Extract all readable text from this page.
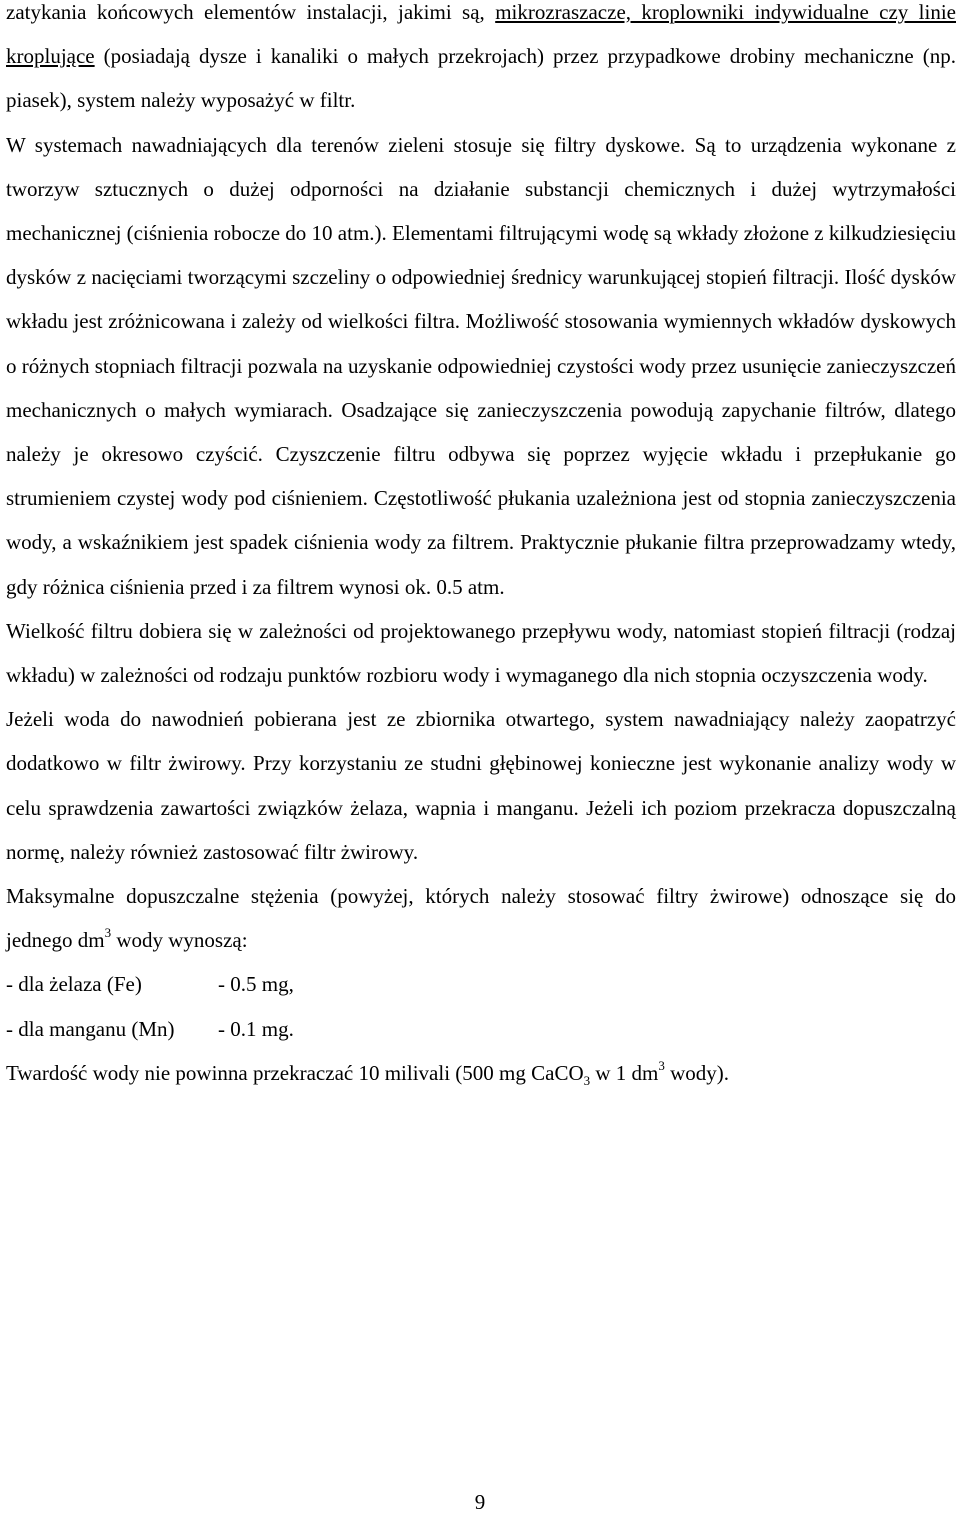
zatykania końcowych elementów instalacji, jakimi są, mikrozraszacze, kroplowniki indywidualne czy linie kroplujące (posiadają dysze i kanaliki o małych przekrojach) przez przypadkowe drobiny mechaniczne (np. piasek), system należy wyposażyć w filtr.

W systemach nawadniających dla terenów zieleni stosuje się filtry dyskowe. Są to urządzenia wykonane z tworzyw sztucznych o dużej odporności na działanie substancji chemicznych i dużej wytrzymałości mechanicznej (ciśnienia robocze do 10 atm.). Elementami filtrującymi wodę są wkłady złożone z kilkudziesięciu dysków z nacięciami tworzącymi szczeliny o odpowiedniej średnicy warunkującej stopień filtracji. Ilość dysków wkładu jest zróżnicowana i zależy od wielkości filtra. Możliwość stosowania wymiennych wkładów dyskowych o różnych stopniach filtracji pozwala na uzyskanie odpowiedniej czystości wody przez usunięcie zanieczyszczeń mechanicznych o małych wymiarach. Osadzające się zanieczyszczenia powodują zapychanie filtrów, dlatego należy je okresowo czyścić. Czyszczenie filtru odbywa się poprzez wyjęcie wkładu i przepłukanie go strumieniem czystej wody pod ciśnieniem. Częstotliwość płukania uzależniona jest od stopnia zanieczyszczenia wody, a wskaźnikiem jest spadek ciśnienia wody za filtrem. Praktycznie płukanie filtra przeprowadzamy wtedy, gdy różnica ciśnienia przed i za filtrem wynosi ok. 0.5 atm.

Wielkość filtru dobiera się w zależności od projektowanego przepływu wody, natomiast stopień filtracji (rodzaj wkładu) w zależności od rodzaju punktów rozbioru wody i wymaganego dla nich stopnia oczyszczenia wody.

Jeżeli woda do nawodnień pobierana jest ze zbiornika otwartego, system nawadniający należy zaopatrzyć dodatkowo w filtr żwirowy. Przy korzystaniu ze studni głębinowej konieczne jest wykonanie analizy wody w celu sprawdzenia zawartości związków żelaza, wapnia i manganu. Jeżeli ich poziom przekracza dopuszczalną normę, należy również zastosować filtr żwirowy.

Maksymalne dopuszczalne stężenia (powyżej, których należy stosować filtry żwirowe) odnoszące się do jednego $dm^3$ wody wynoszą:

- dla żelaza (Fe)	- 0.5 mg,
- dla manganu (Mn) - 0.1 mg.

Twardość wody nie powinna przekraczać 10 milivali (500 mg CaCO$_3$ w 1 $dm^3$ wody).

9
